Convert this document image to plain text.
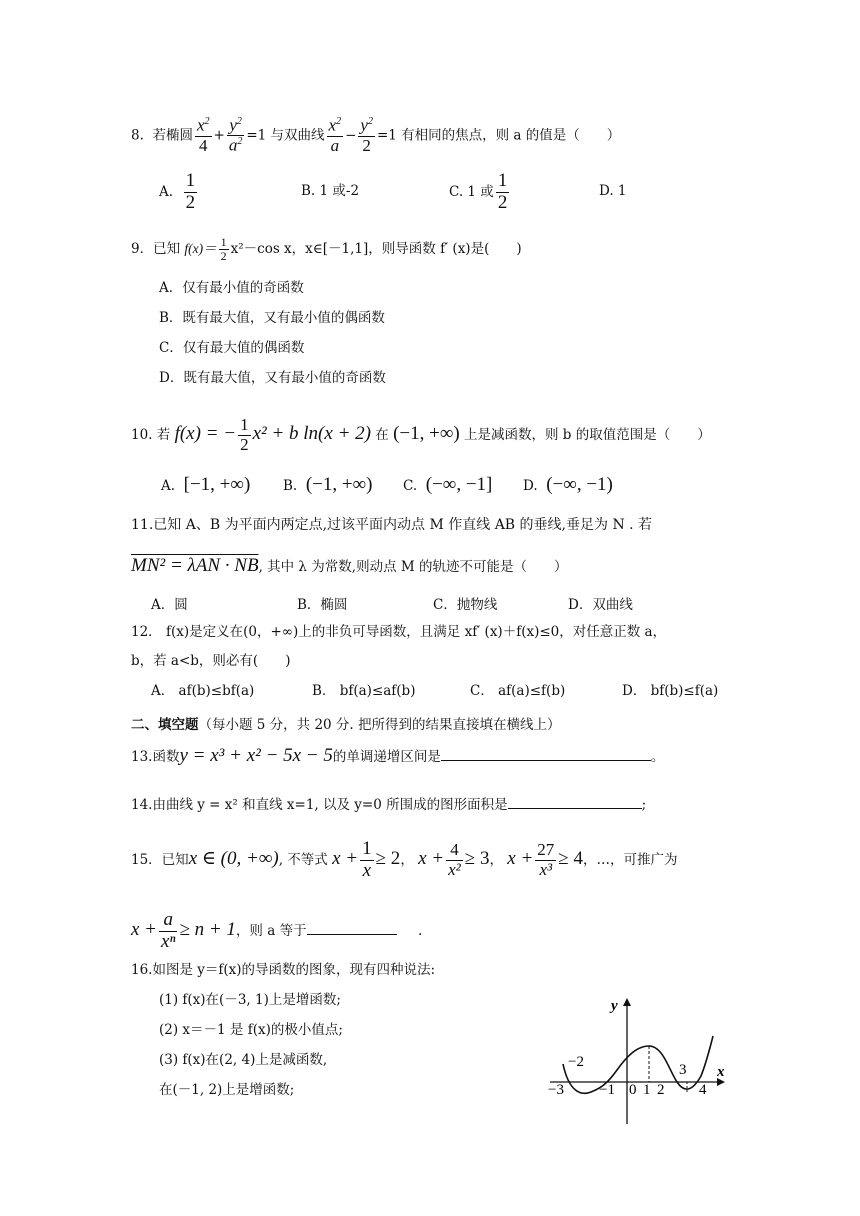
8. 若椭圆 $\frac{x^2}{4} + \frac{y^2}{a^2} =1$ 与双曲线 $\frac{x^2}{a} - \frac{y^2}{2} =1$ 有相同的焦点，则 a 的值是（　　）
A. $\frac{1}{2}$	B. 1 或-2	C. 1 或 $\frac{1}{2}$	D. 1
9．已知 $f(x)= \frac{1}{2} x^2-\cos$ x，x∈[－1,1]，则导函数 f′ (x)是(　　)
A．仅有最小值的奇函数
B．既有最大值，又有最小值的偶函数
C．仅有最大值的偶函数
D．既有最大值，又有最小值的奇函数
10. 若 f(x) = − $\frac{1}{2} x^2 + b$ ln(x + 2) 在 (−1, +∞) 上是减函数，则 b 的取值范围是（　　）
A. [−1, +∞) B. (−1, +∞) C. (−∞, −1] D. (−∞, −1)
11.已知 A、B 为平面内两定点,过该平面内动点 M 作直线 AB 的垂线,垂足为 N . 若
MN² = λAN · NB, 其中 λ 为常数,则动点 M 的轨迹不可能是（　　）
A．圆	B．椭圆	C．抛物线	D．双曲线
12． f(x)是定义在(0，+∞)上的非负可导函数，且满足 xf′ (x)＋f(x)≤0，对任意正数 a，
b，若 a<b，则必有(　　)
A． af(b)≤bf(a)	B． bf(a)≤af(b)	C． af(a)≤f(b)	D． bf(b)≤f(a)
二、填空题（每小题 5 分，共 20 分. 把所得到的结果直接填在横线上）
13.函数y = x³ + x² − 5x − 5的单调递增区间是	。
14.由曲线 y = x² 和直线 x=1, 以及 y=0 所围成的图形面积是	;
15．已知x ∈ (0, +∞), 不等式 $x + \frac{1}{x} \ge 2$， $x + \frac{4}{\text{x²}} \ge 3$， $x + \frac{27}{\text{x³}} \ge 4$，…，可推广为
$x + \frac{a}{\text{xⁿ}} \ge n + 1$，则 a 等于	.
16.如图是 y＝f(x)的导函数的图象，现有四种说法:
(1) f(x)在(－3, 1)上是增函数;
(2) x＝－1 是 f(x)的极小值点;
(3) f(x)在(2, 4)上是减函数,
在(－1, 2)上是增函数;
y
x
−3
−2
−1 0 1 2
3
4
